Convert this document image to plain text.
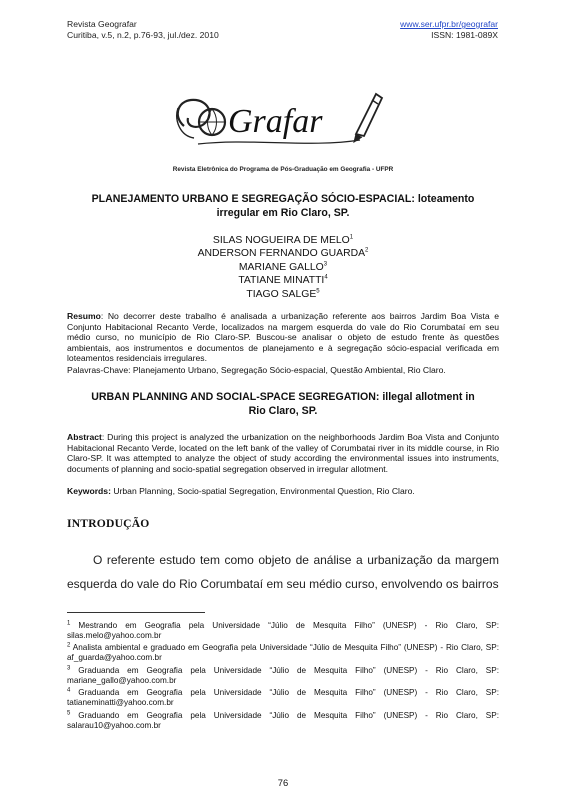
Revista Geografar
Curitiba, v.5, n.2, p.76-93, jul./dez. 2010
www.ser.ufpr.br/geografar
ISSN: 1981-089X
Grafar
Revista Eletrônica do Programa de Pós-Graduação em Geografia - UFPR
PLANEJAMENTO URBANO E SEGREGAÇÃO SÓCIO-ESPACIAL: loteamento
irregular em Rio Claro, SP.
SILAS NOGUEIRA DE MELO$^1$
ANDERSON FERNANDO GUARDA$^2$
MARIANE GALLO$^3$
TATIANE MINATTI$^4$
TIAGO SALGE$^5$
Resumo: No decorrer deste trabalho é analisada a urbanização referente aos bairros Jardim Boa Vista e Conjunto Habitacional Recanto Verde, localizados na margem esquerda do vale do Rio Corumbataí em seu médio curso, no município de Rio Claro-SP. Buscou-se analisar o objeto de estudo frente às questões ambientais, aos instrumentos e documentos de planejamento e à segregação sócio-espacial verificada em loteamentos residenciais irregulares.
Palavras-Chave: Planejamento Urbano, Segregação Sócio-espacial, Questão Ambiental, Rio Claro.
URBAN PLANNING AND SOCIAL-SPACE SEGREGATION: illegal allotment in
Rio Claro, SP.
Abstract: During this project is analyzed the urbanization on the neighborhoods Jardim Boa Vista and Conjunto Habitacional Recanto Verde, located on the left bank of the valley of Corumbatai river in its middle course, in Rio Claro-SP. It was attempted to analyze the object of study according the environmental issues into instruments, documents of planning and socio-spatial segregation observed in irregular allotment.
Keywords: Urban Planning, Socio-spatial Segregation, Environmental Question, Rio Claro.
INTRODUÇÃO
O referente estudo tem como objeto de análise a urbanização da margem esquerda do vale do Rio Corumbataí em seu médio curso, envolvendo os bairros
$^1$ Mestrando em Geografia pela Universidade “Júlio de Mesquita Filho” (UNESP) - Rio Claro, SP: silas.melo@yahoo.com.br
$^2$ Analista ambiental e graduado em Geografia pela Universidade “Júlio de Mesquita Filho” (UNESP) - Rio Claro, SP: af_guarda@yahoo.com.br
$^3$ Graduanda em Geografia pela Universidade “Júlio de Mesquita Filho” (UNESP) - Rio Claro, SP: mariane_gallo@yahoo.com.br
$^4$ Graduanda em Geografia pela Universidade “Júlio de Mesquita Filho” (UNESP) - Rio Claro, SP: tatianeminatti@yahoo.com.br
$^5$ Graduando em Geografia pela Universidade “Júlio de Mesquita Filho” (UNESP) - Rio Claro, SP: salarau10@yahoo.com.br
76
